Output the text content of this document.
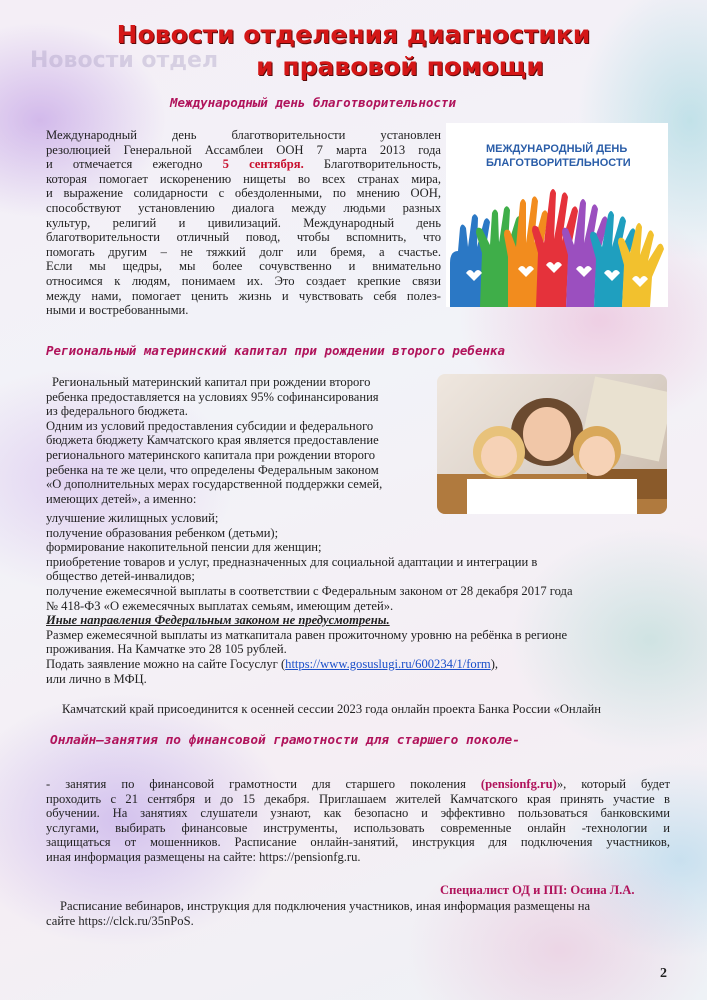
Новости отдел
Новости отделения диагностики
и правовой помощи
Международный день благотворительности
Международный день благотворительности установлен
резолюцией Генеральной Ассамблеи ООН 7 марта 2013 года
и отмечается ежегодно 5 сентября. Благотворительность,
которая помогает искоренению нищеты во всех странах мира,
и выражение солидарности с обездоленными, по мнению ООН,
способствуют установлению диалога между людьми разных
культур, религий и цивилизаций. Международный день
благотворительности отличный повод, чтобы вспомнить, что
помогать другим – не тяжкий долг или бремя, а счастье.
Если мы щедры, мы более сочувственно и внимательно
относимся к людям, понимаем их. Это создает крепкие связи
между нами, помогает ценить жизнь и чувствовать себя полез-
ными и востребованными.
МЕЖДУНАРОДНЫЙ ДЕНЬ
БЛАГОТВОРИТЕЛЬНОСТИ
Региональный материнский капитал при рождении второго ребенка
Региональный материнский капитал при рождении второго
ребенка предоставляется на условиях 95% софинансирования
из федерального бюджета.
Одним из условий предоставления субсидии и федерального
бюджета бюджету Камчатского края является предоставление
регионального материнского капитала при рождении второго
ребенка на те же цели, что определены Федеральным законом
«О дополнительных мерах государственной поддержки семей,
имеющих детей», а именно:
улучшение жилищных условий;
получение образования ребенком (детьми);
формирование накопительной пенсии для женщин;
приобретение товаров и услуг, предназначенных для социальной адаптации и интеграции в
общество детей-инвалидов;
получение ежемесячной выплаты в соответствии с Федеральным законом от 28 декабря 2017 года
№ 418-ФЗ «О ежемесячных выплатах семьям, имеющим детей».
Иные направления Федеральным законом не предусмотрены.
Размер ежемесячной выплаты из маткапитала равен прожиточному уровню на ребёнка в регионе
проживания. На Камчатке это 28 105 рублей.
Подать заявление можно на сайте Госуслуг (https://www.gosuslugi.ru/600234/1/form),
или лично в МФЦ.
Камчатский край присоединится к осенней сессии 2023 года онлайн проекта Банка России «Онлайн
Онлайн—занятия по финансовой грамотности для старшего поколе-
- занятия по финансовой грамотности для старшего поколения (pensionfg.ru)», который будет
проходить с 21 сентября и до 15 декабря. Приглашаем жителей Камчатского края принять участие в
обучении. На занятиях слушатели узнают, как безопасно и эффективно пользоваться банковскими
услугами, выбирать финансовые инструменты, использовать современные онлайн -технологии и
защищаться от мошенников. Расписание онлайн-занятий, инструкция для подключения участников,
иная информация размещены на сайте: https://pensionfg.ru.
Специалист ОД и ПП: Осина Л.А.
Расписание вебинаров, инструкция для подключения участников, иная информация размещены на
сайте https://clck.ru/35nPoS.
2
